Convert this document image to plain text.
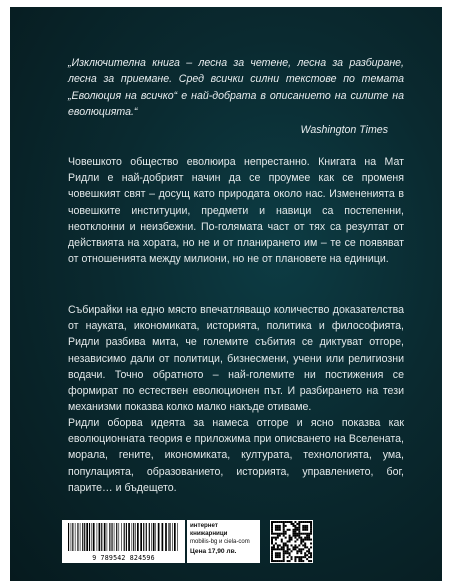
„Изключителна книга – лесна за четене, лесна за разбиране, лесна за приемане. Сред всички силни текстове по темата „Еволюция на всичко“ е най-добрата в описанието на силите на еволюцията.“
Washington Times
Човешкото общество еволюира непрестанно. Книгата на Мат Ридли е най-добрият начин да се проумее как се променя човешкият свят – досущ като природата около нас. Измененията в човешките институции, предмети и навици са постепенни, неотклонни и неизбежни. По-голямата част от тях са резултат от действията на хората, но не и от планирането им – те се появяват от отношенията между милиони, но не от плановете на единици.
Събирайки на едно място впечатляващо количество доказателства от науката, икономиката, историята, политика и философията, Ридли разбива мита, че големите събития се диктуват отгоре, независимо дали от политици, бизнесмени, учени или религиозни водачи. Точно обратното – най-големите ни постижения се формират по естествен еволюционен път. И разбирането на тези механизми показва колко малко накъде отиваме.
Ридли оборва идеята за намеса отгоре и ясно показва как еволюционната теория е приложима при описването на Вселената, морала, гените, икономиката, културата, технологията, ума, популацията, образованието, историята, управлението, бог, парите… и бъдещето.
9 789542 824596
интернет книжарници
mobilis-bg и ciela-com
Цена 17,90 лв.
